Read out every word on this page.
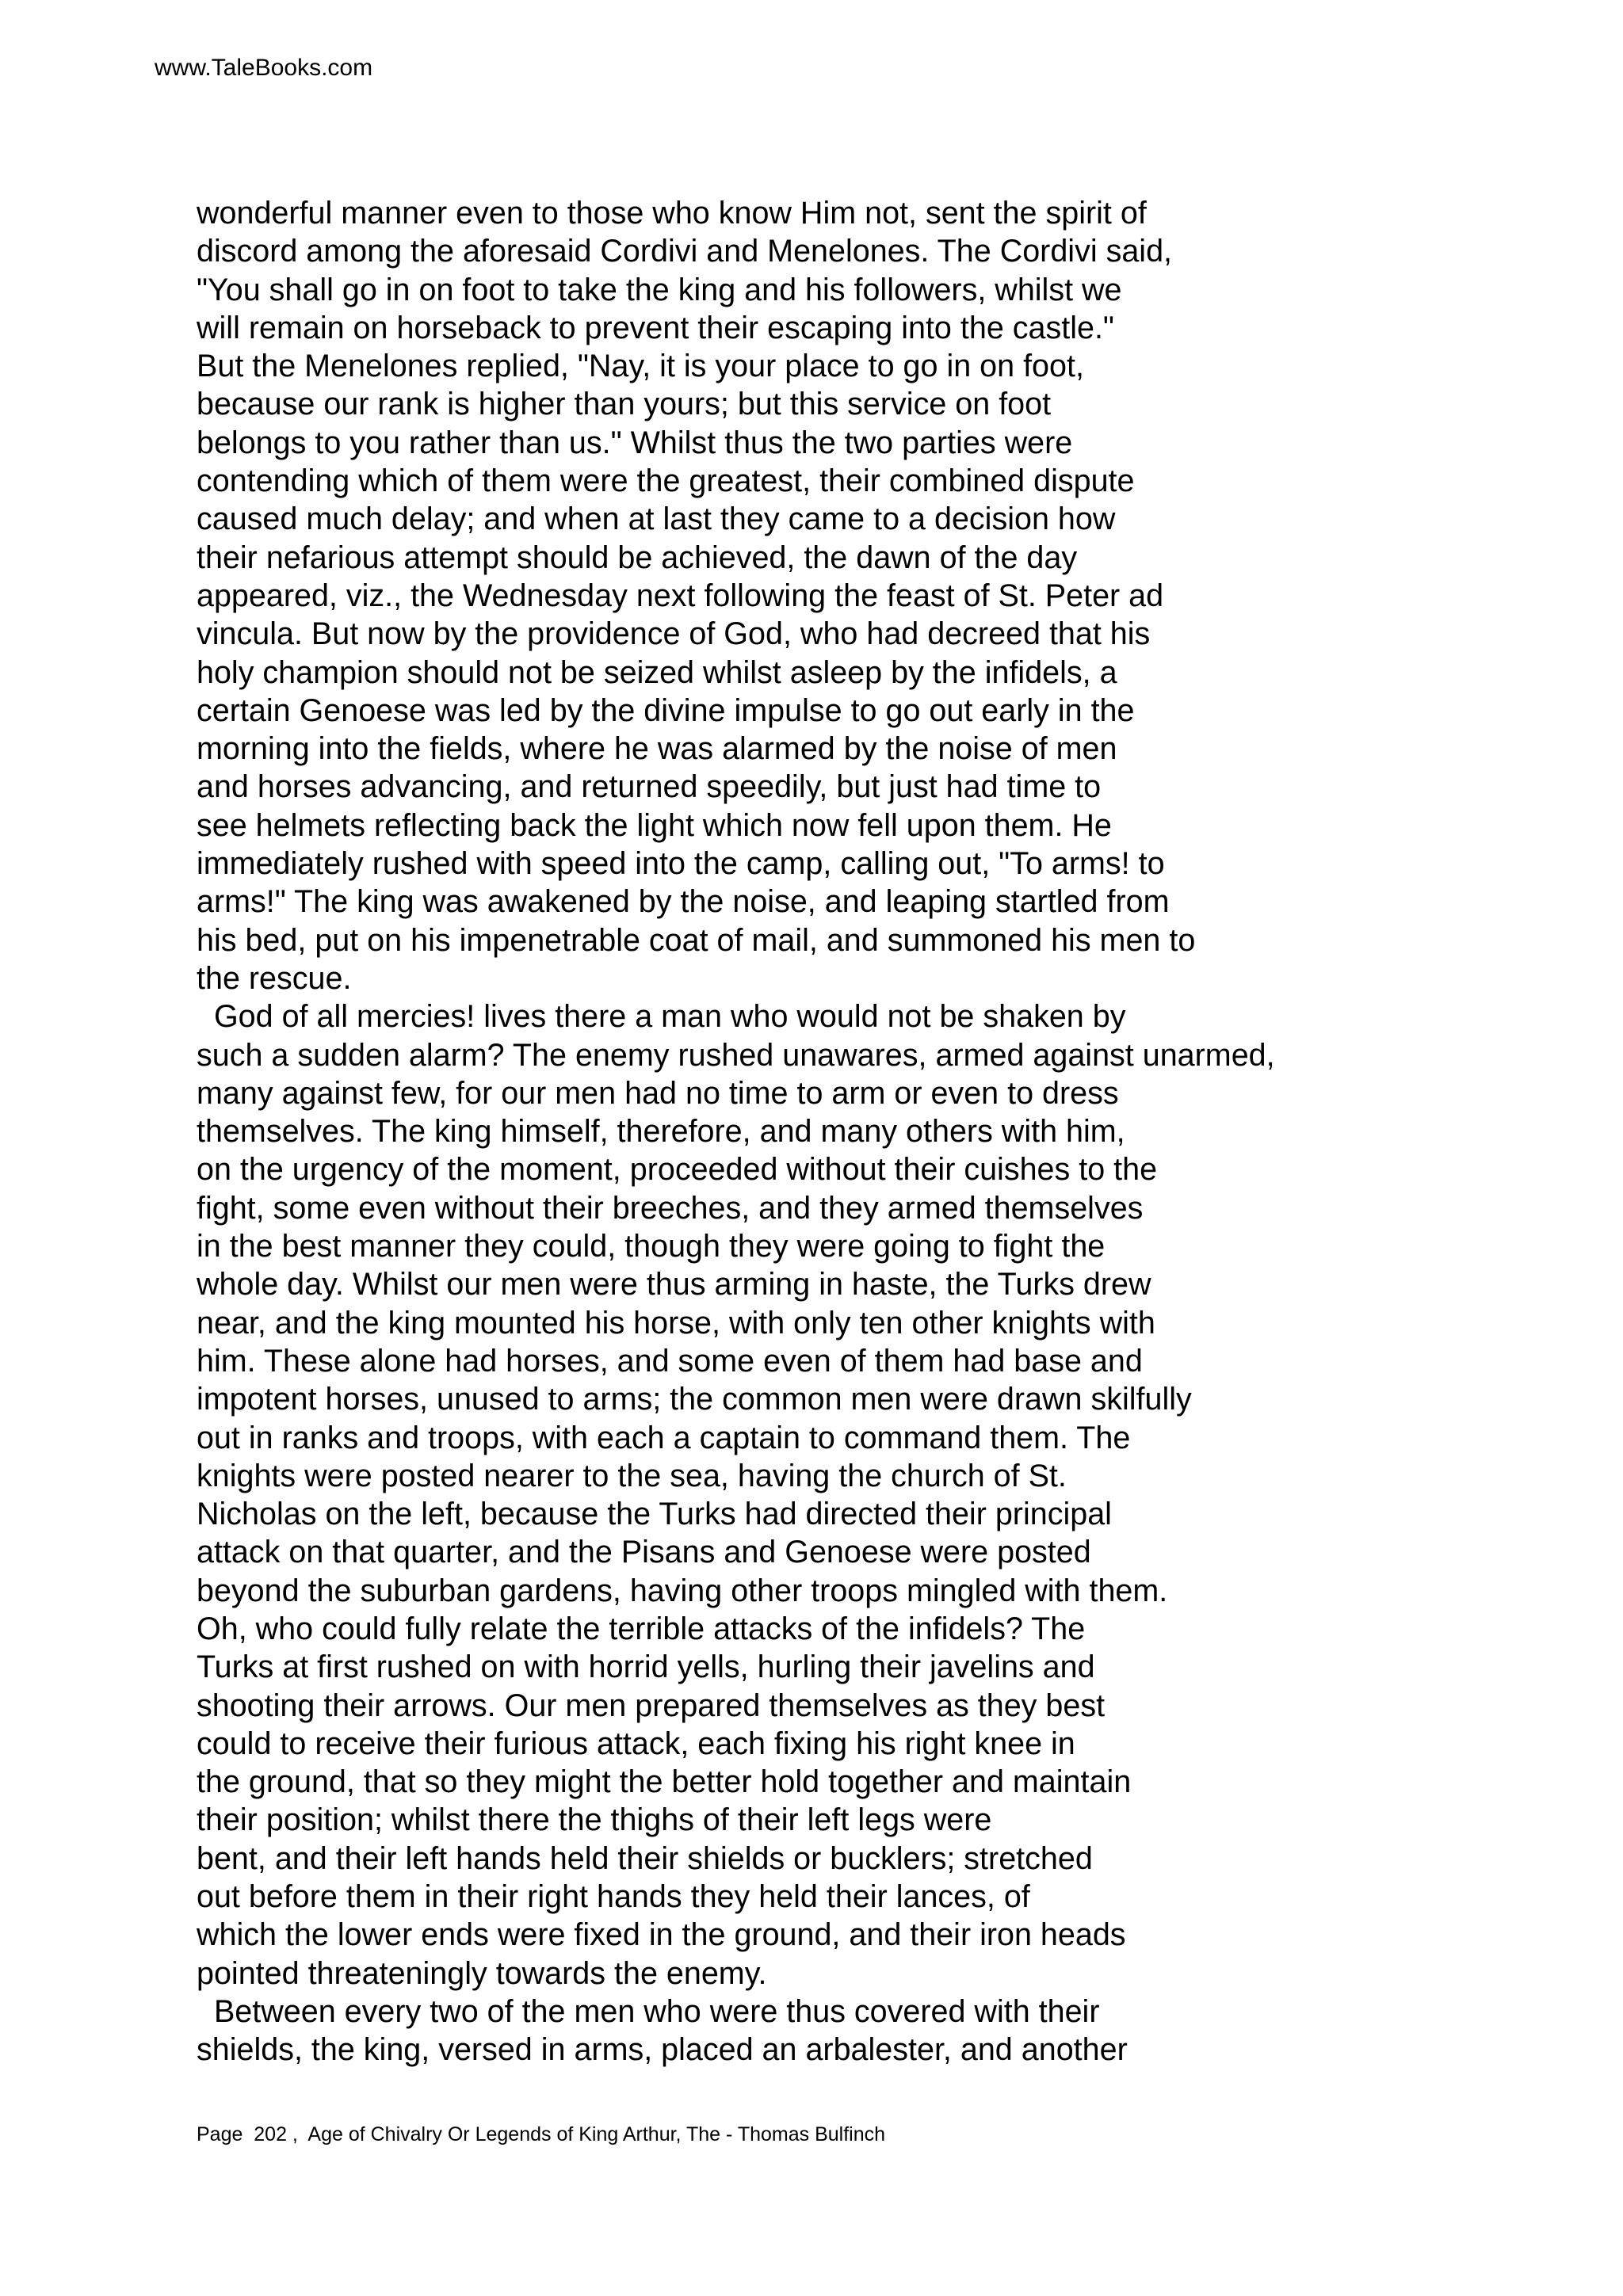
www.TaleBooks.com
wonderful manner even to those who know Him not, sent the spirit of
discord among the aforesaid Cordivi and Menelones. The Cordivi said,
"You shall go in on foot to take the king and his followers, whilst we
will remain on horseback to prevent their escaping into the castle."
But the Menelones replied, "Nay, it is your place to go in on foot,
because our rank is higher than yours; but this service on foot
belongs to you rather than us." Whilst thus the two parties were
contending which of them were the greatest, their combined dispute
caused much delay; and when at last they came to a decision how
their nefarious attempt should be achieved, the dawn of the day
appeared, viz., the Wednesday next following the feast of St. Peter ad
vincula. But now by the providence of God, who had decreed that his
holy champion should not be seized whilst asleep by the infidels, a
certain Genoese was led by the divine impulse to go out early in the
morning into the fields, where he was alarmed by the noise of men
and horses advancing, and returned speedily, but just had time to
see helmets reflecting back the light which now fell upon them. He
immediately rushed with speed into the camp, calling out, "To arms! to
arms!" The king was awakened by the noise, and leaping startled from
his bed, put on his impenetrable coat of mail, and summoned his men to
the rescue.
God of all mercies! lives there a man who would not be shaken by
such a sudden alarm? The enemy rushed unawares, armed against unarmed,
many against few, for our men had no time to arm or even to dress
themselves. The king himself, therefore, and many others with him,
on the urgency of the moment, proceeded without their cuishes to the
fight, some even without their breeches, and they armed themselves
in the best manner they could, though they were going to fight the
whole day. Whilst our men were thus arming in haste, the Turks drew
near, and the king mounted his horse, with only ten other knights with
him. These alone had horses, and some even of them had base and
impotent horses, unused to arms; the common men were drawn skilfully
out in ranks and troops, with each a captain to command them. The
knights were posted nearer to the sea, having the church of St.
Nicholas on the left, because the Turks had directed their principal
attack on that quarter, and the Pisans and Genoese were posted
beyond the suburban gardens, having other troops mingled with them.
Oh, who could fully relate the terrible attacks of the infidels? The
Turks at first rushed on with horrid yells, hurling their javelins and
shooting their arrows. Our men prepared themselves as they best
could to receive their furious attack, each fixing his right knee in
the ground, that so they might the better hold together and maintain
their position; whilst there the thighs of their left legs were
bent, and their left hands held their shields or bucklers; stretched
out before them in their right hands they held their lances, of
which the lower ends were fixed in the ground, and their iron heads
pointed threateningly towards the enemy.
Between every two of the men who were thus covered with their
shields, the king, versed in arms, placed an arbalester, and another
Page  202 ,  Age of Chivalry Or Legends of King Arthur, The - Thomas Bulfinch
